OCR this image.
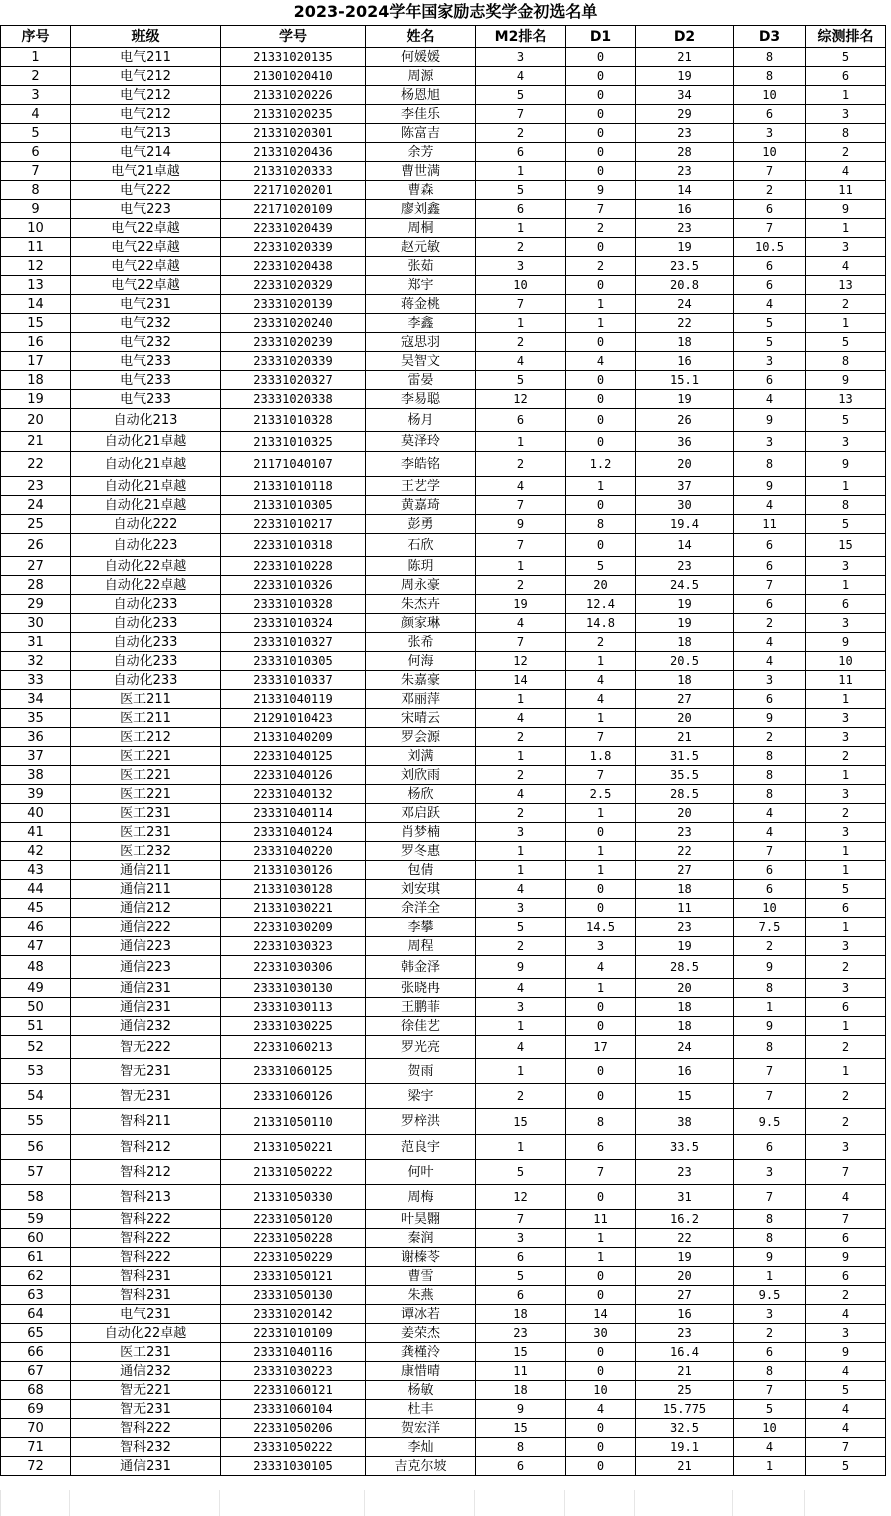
2023-2024学年国家励志奖学金初选名单
序号	班级	学号	姓名	M2排名	D1	D2	D3	综测排名
1	电气211	21331020135	何媛媛	3	0	21	8	5
2	电气212	21301020410	周源	4	0	19	8	6
3	电气212	21331020226	杨恩旭	5	0	34	10	1
4	电气212	21331020235	李佳乐	7	0	29	6	3
5	电气213	21331020301	陈富吉	2	0	23	3	8
6	电气214	21331020436	余芳	6	0	28	10	2
7	电气21卓越	21331020333	曹世满	1	0	23	7	4
8	电气222	22171020201	曹森	5	9	14	2	11
9	电气223	22171020109	廖刘鑫	6	7	16	6	9
10	电气22卓越	22331020439	周桐	1	2	23	7	1
11	电气22卓越	22331020339	赵元敏	2	0	19	10.5	3
12	电气22卓越	22331020438	张茹	3	2	23.5	6	4
13	电气22卓越	22331020329	郑宇	10	0	20.8	6	13
14	电气231	23331020139	蒋金桃	7	1	24	4	2
15	电气232	23331020240	李鑫	1	1	22	5	1
16	电气232	23331020239	寇思羽	2	0	18	5	5
17	电气233	23331020339	吴智文	4	4	16	3	8
18	电气233	23331020327	雷晏	5	0	15.1	6	9
19	电气233	23331020338	李易聪	12	0	19	4	13
20	自动化213	21331010328	杨月	6	0	26	9	5
21	自动化21卓越	21331010325	莫泽玲	1	0	36	3	3
22	自动化21卓越	21171040107	李皓铭	2	1.2	20	8	9
23	自动化21卓越	21331010118	王艺学	4	1	37	9	1
24	自动化21卓越	21331010305	黄嘉琦	7	0	30	4	8
25	自动化222	22331010217	彭勇	9	8	19.4	11	5
26	自动化223	22331010318	石欣	7	0	14	6	15
27	自动化22卓越	22331010228	陈玥	1	5	23	6	3
28	自动化22卓越	22331010326	周永豪	2	20	24.5	7	1
29	自动化233	23331010328	朱杰卉	19	12.4	19	6	6
30	自动化233	23331010324	颜家琳	4	14.8	19	2	3
31	自动化233	23331010327	张希	7	2	18	4	9
32	自动化233	23331010305	何海	12	1	20.5	4	10
33	自动化233	23331010337	朱嘉豪	14	4	18	3	11
34	医工211	21331040119	邓丽萍	1	4	27	6	1
35	医工211	21291010423	宋晴云	4	1	20	9	3
36	医工212	21331040209	罗会源	2	7	21	2	3
37	医工221	22331040125	刘满	1	1.8	31.5	8	2
38	医工221	22331040126	刘欣雨	2	7	35.5	8	1
39	医工221	22331040132	杨欣	4	2.5	28.5	8	3
40	医工231	23331040114	邓启跃	2	1	20	4	2
41	医工231	23331040124	肖梦楠	3	0	23	4	3
42	医工232	23331040220	罗冬惠	1	1	22	7	1
43	通信211	21331030126	包倩	1	1	27	6	1
44	通信211	21331030128	刘安琪	4	0	18	6	5
45	通信212	21331030221	余洋全	3	0	11	10	6
46	通信222	22331030209	李攀	5	14.5	23	7.5	1
47	通信223	22331030323	周程	2	3	19	2	3
48	通信223	22331030306	韩金泽	9	4	28.5	9	2
49	通信231	23331030130	张晓冉	4	1	20	8	3
50	通信231	23331030113	王鹏菲	3	0	18	1	6
51	通信232	23331030225	徐佳艺	1	0	18	9	1
52	智无222	22331060213	罗光亮	4	17	24	8	2
53	智无231	23331060125	贺雨	1	0	16	7	1
54	智无231	23331060126	梁宇	2	0	15	7	2
55	智科211	21331050110	罗梓洪	15	8	38	9.5	2
56	智科212	21331050221	范良宇	1	6	33.5	6	3
57	智科212	21331050222	何叶	5	7	23	3	7
58	智科213	21331050330	周梅	12	0	31	7	4
59	智科222	22331050120	叶昊翾	7	11	16.2	8	7
60	智科222	22331050228	秦润	3	1	22	8	6
61	智科222	22331050229	谢榛苓	6	1	19	9	9
62	智科231	23331050121	曹雪	5	0	20	1	6
63	智科231	23331050130	朱燕	6	0	27	9.5	2
64	电气231	23331020142	谭冰若	18	14	16	3	4
65	自动化22卓越	22331010109	姜荣杰	23	30	23	2	3
66	医工231	23331040116	龚槿泠	15	0	16.4	6	9
67	通信232	23331030223	康惜晴	11	0	21	8	4
68	智无221	22331060121	杨敏	18	10	25	7	5
69	智无231	23331060104	杜丰	9	4	15.775	5	4
70	智科222	22331050206	贺宏洋	15	0	32.5	10	4
71	智科232	23331050222	李灿	8	0	19.1	4	7
72	通信231	23331030105	吉克尔坡	6	0	21	1	5
